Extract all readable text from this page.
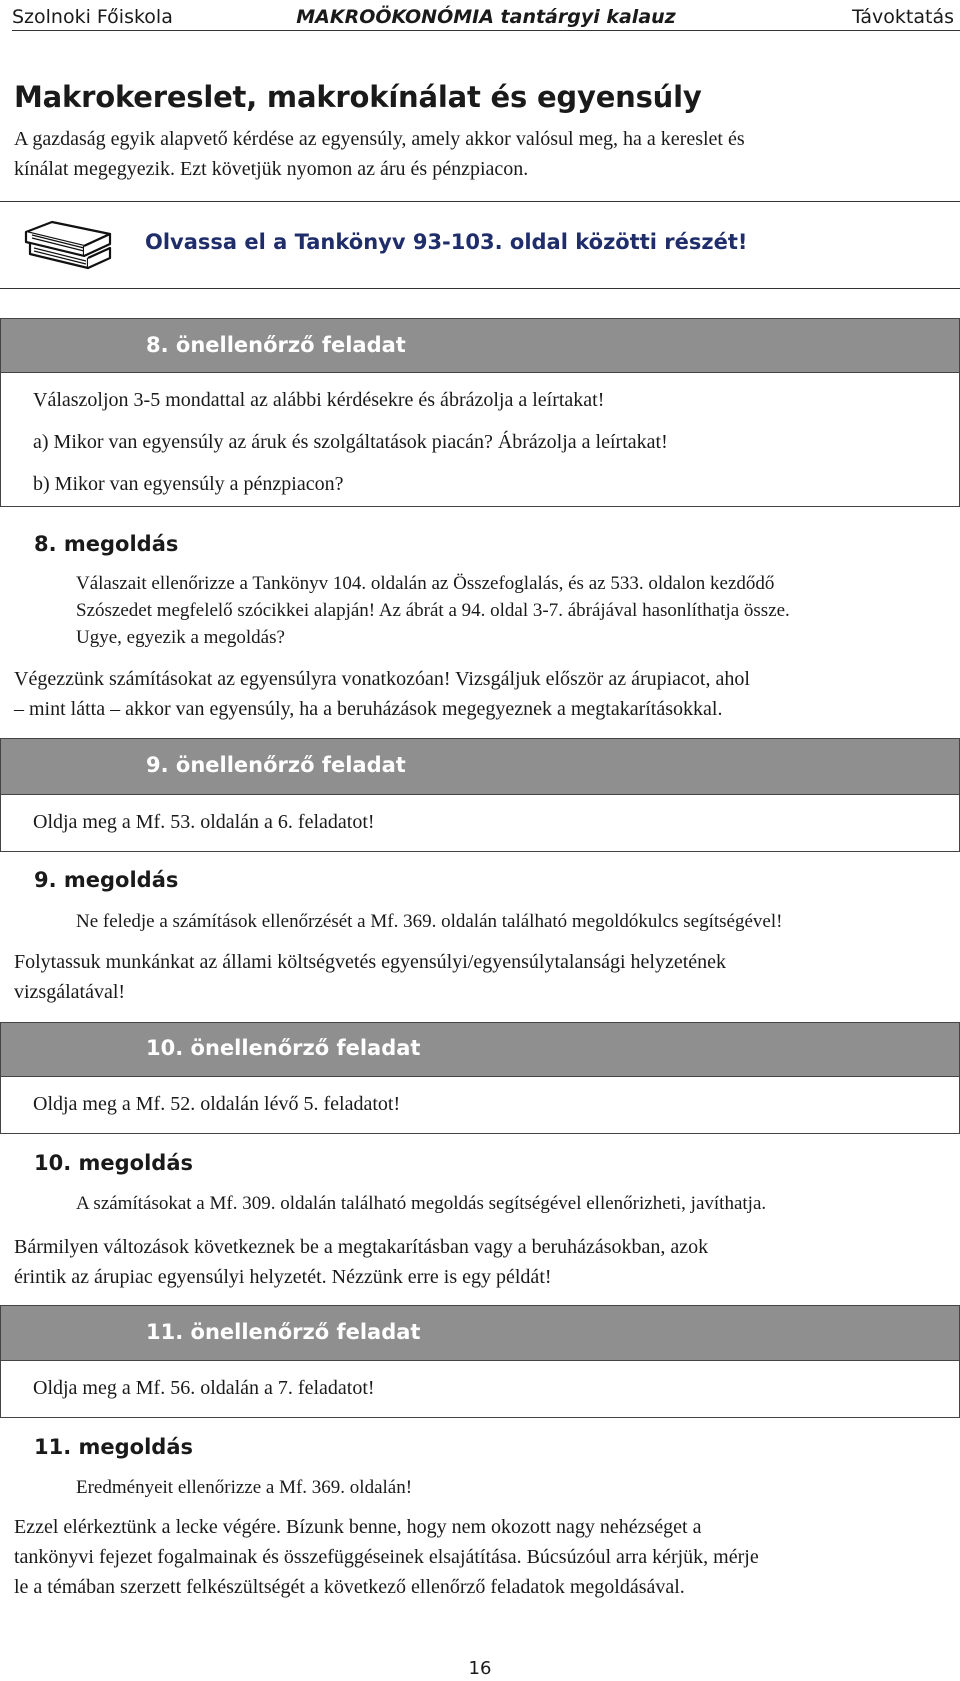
Szolnoki Főiskola	MAKROÖKONÓMIA tantárgyi kalauz	Távoktatás
Makrokereslet, makrokínálat és egyensúly
A gazdaság egyik alapvető kérdése az egyensúly, amely akkor valósul meg, ha a kereslet és
kínálat megegyezik. Ezt követjük nyomon az áru és pénzpiacon.
Olvassa el a Tankönyv 93-103. oldal közötti részét!
8. önellenőrző feladat

Válaszoljon 3-5 mondattal az alábbi kérdésekre és ábrázolja a leírtakat!

a) Mikor van egyensúly az áruk és szolgáltatások piacán? Ábrázolja a leírtakat!

b) Mikor van egyensúly a pénzpiacon?

8. megoldás
Válaszait ellenőrizze a Tankönyv 104. oldalán az Összefoglalás, és az 533. oldalon kezdődő
Szószedet megfelelő szócikkei alapján! Az ábrát a 94. oldal 3-7. ábrájával hasonlíthatja össze.
Ugye, egyezik a megoldás?
Végezzünk számításokat az egyensúlyra vonatkozóan! Vizsgáljuk először az árupiacot, ahol
– mint látta – akkor van egyensúly, ha a beruházások megegyeznek a megtakarításokkal.
9. önellenőrző feladat

Oldja meg a Mf. 53. oldalán a 6. feladatot!

9. megoldás
Ne feledje a számítások ellenőrzését a Mf. 369. oldalán található megoldókulcs segítségével!
Folytassuk munkánkat az állami költségvetés egyensúlyi/egyensúlytalansági helyzetének
vizsgálatával!
10. önellenőrző feladat

Oldja meg a Mf. 52. oldalán lévő 5. feladatot!

10. megoldás
A számításokat a Mf. 309. oldalán található megoldás segítségével ellenőrizheti, javíthatja.
Bármilyen változások következnek be a megtakarításban vagy a beruházásokban, azok
érintik az árupiac egyensúlyi helyzetét. Nézzünk erre is egy példát!
11. önellenőrző feladat

Oldja meg a Mf. 56. oldalán a 7. feladatot!

11. megoldás
Eredményeit ellenőrizze a Mf. 369. oldalán!
Ezzel elérkeztünk a lecke végére. Bízunk benne, hogy nem okozott nagy nehézséget a
tankönyvi fejezet fogalmainak és összefüggéseinek elsajátítása. Búcsúzóul arra kérjük, mérje
le a témában szerzett felkészültségét a következő ellenőrző feladatok megoldásával.
16
